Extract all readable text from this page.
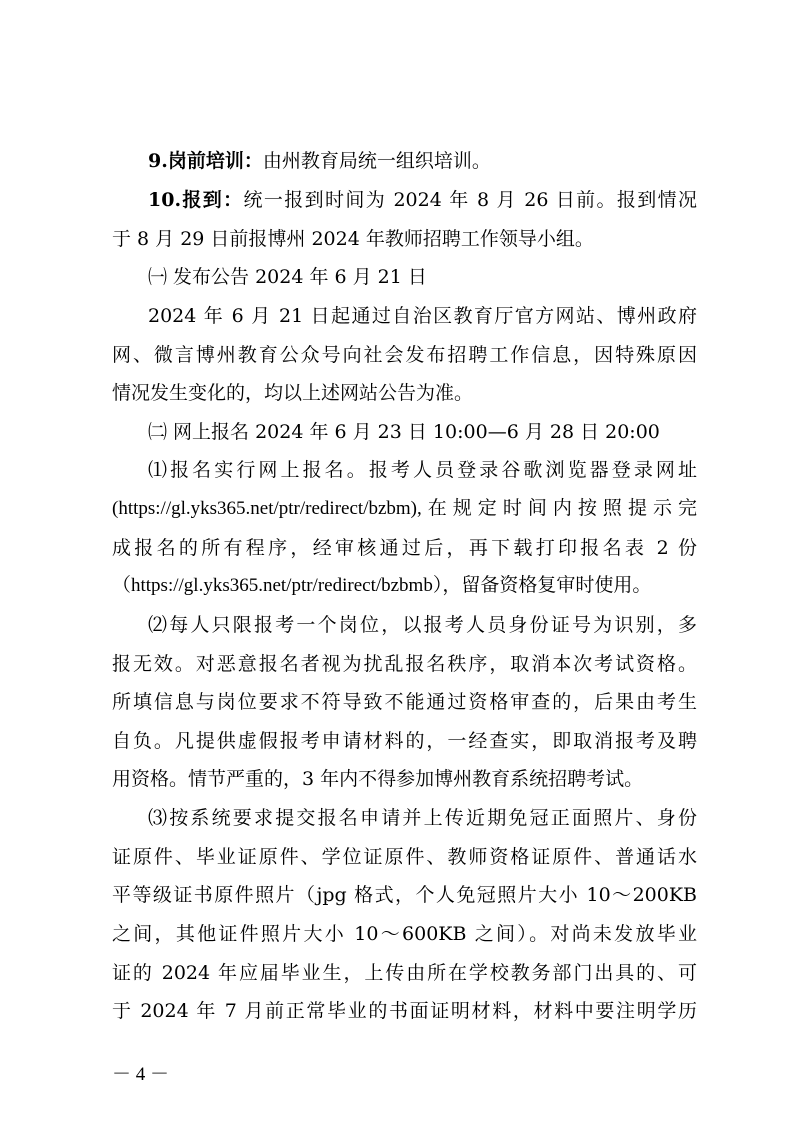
9.岗前培训：由州教育局统一组织培训。
10.报到：统一报到时间为 2024 年 8 月 26 日前。报到情况
于 8 月 29 日前报博州 2024 年教师招聘工作领导小组。
㈠ 发布公告 2024 年 6 月 21 日
2024 年 6 月 21 日起通过自治区教育厅官方网站、博州政府
网、微言博州教育公众号向社会发布招聘工作信息，因特殊原因
情况发生变化的，均以上述网站公告为准。
㈡ 网上报名 2024 年 6 月 23 日 10:00—6 月 28 日 20:00
⑴报名实行网上报名。报考人员登录谷歌浏览器登录网址
(https://gl.yks365.net/ptr/redirect/bzbm),在规定时间内按照提示完
成报名的所有程序，经审核通过后，再下载打印报名表 2 份
（https://gl.yks365.net/ptr/redirect/bzbmb），留备资格复审时使用。
⑵每人只限报考一个岗位，以报考人员身份证号为识别，多
报无效。对恶意报名者视为扰乱报名秩序，取消本次考试资格。
所填信息与岗位要求不符导致不能通过资格审查的，后果由考生
自负。凡提供虚假报考申请材料的，一经查实，即取消报考及聘
用资格。情节严重的，3 年内不得参加博州教育系统招聘考试。
⑶按系统要求提交报名申请并上传近期免冠正面照片、身份
证原件、毕业证原件、学位证原件、教师资格证原件、普通话水
平等级证书原件照片（jpg 格式，个人免冠照片大小 10～200KB
之间，其他证件照片大小 10～600KB 之间）。对尚未发放毕业
证的 2024 年应届毕业生，上传由所在学校教务部门出具的、可
于 2024 年 7 月前正常毕业的书面证明材料，材料中要注明学历
－ 4 －
